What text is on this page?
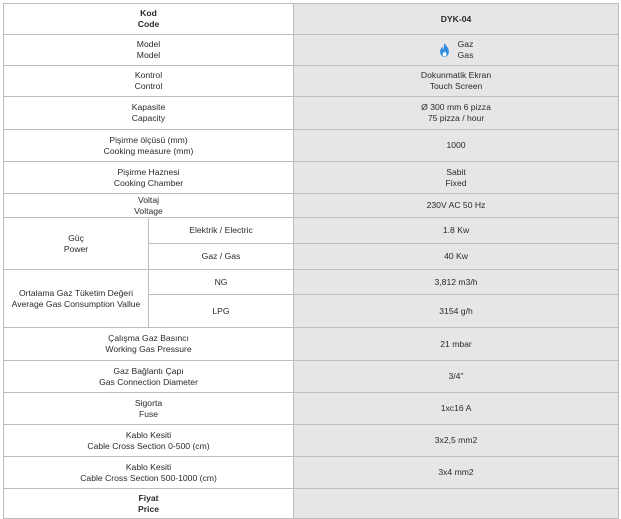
Kod
Code		DYK-04

Model
Model		Gaz
Gas

Kontrol
Control		Dokunmatik Ekran
Touch Screen

Kapasite
Capacity		Ø 300 mm 6 pizza
75 pizza / hour

Pişirme ölçüsü (mm)
Cooking measure (mm)		1000

Pişirme Haznesi
Cooking Chamber		Sabit
Fixed

Voltaj
Voltage		230V AC 50 Hz

Güç
Power	Elektrik / Electric	1.8 Kw
	Gaz / Gas	40 Kw

Ortalama Gaz Tüketim Değeri
Average Gas Consumption Vallue	NG	3,812 m3/h
	LPG	3154 g/h

Çalışma Gaz Basıncı
Working Gas Pressure		21 mbar

Gaz Bağlantı Çapı
Gas Connection Diameter		3/4"

Sigorta
Fuse		1xc16 A

Kablo Kesiti
Cable Cross Section 0-500 (cm)		3x2,5 mm2

Kablo Kesiti
Cable Cross Section 500-1000 (cm)		3x4 mm2

Fiyat
Price		
